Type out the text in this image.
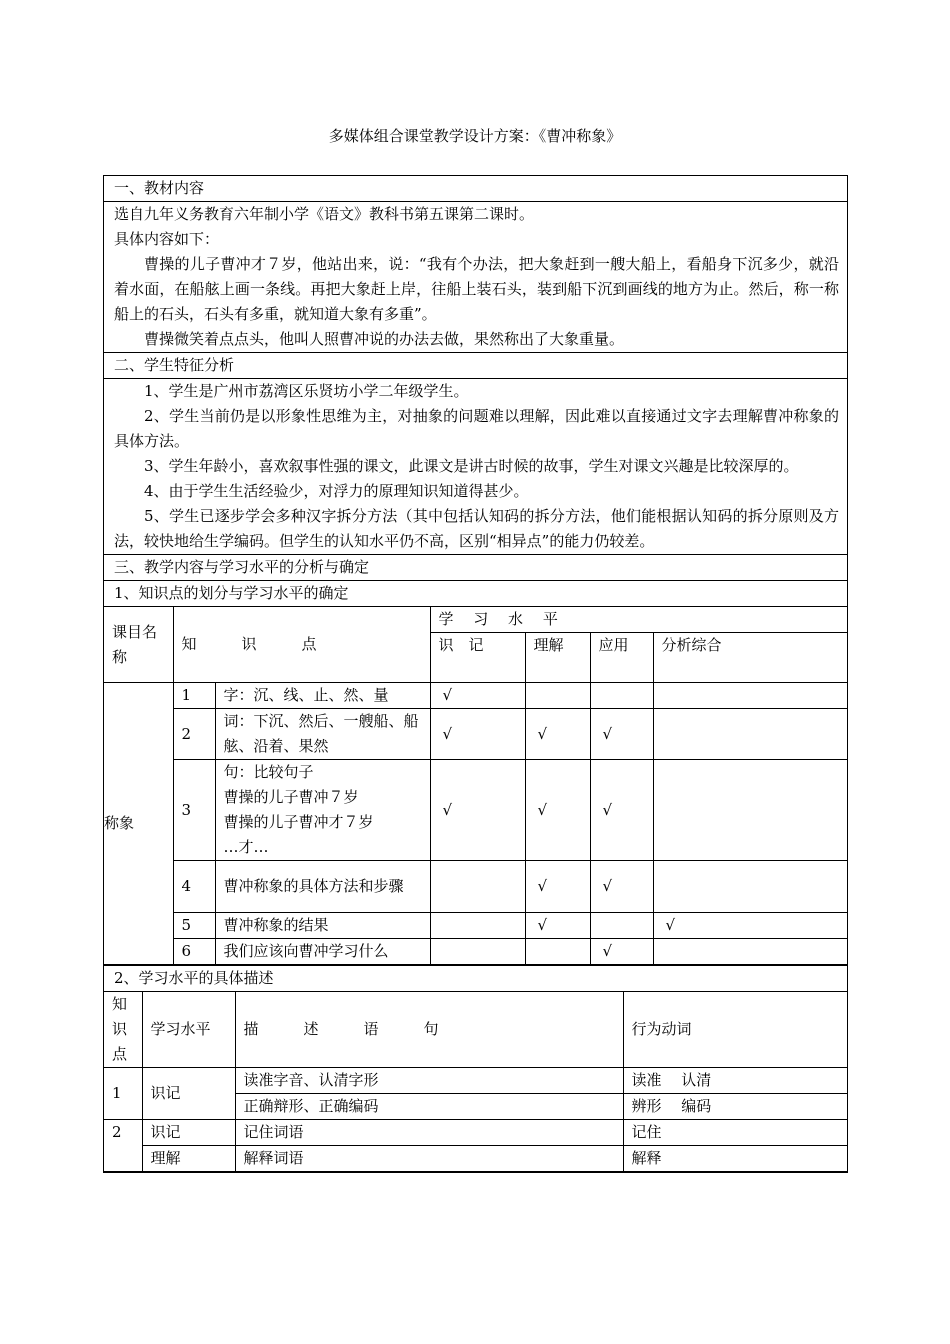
多媒体组合课堂教学设计方案：《曹冲称象》
一、教材内容

选自九年义务教育六年制小学《语文》教科书第五课第二课时。

具体内容如下：

曹操的儿子曹冲才７岁，他站出来，说：“我有个办法，把大象赶到一艘大船上，看船身下沉多少，就沿着水面，在船舷上画一条线。再把大象赶上岸，往船上装石头，装到船下沉到画线的地方为止。然后，称一称船上的石头，石头有多重，就知道大象有多重”。

曹操微笑着点点头，他叫人照曹冲说的办法去做，果然称出了大象重量。

二、学生特征分析

1、学生是广州市荔湾区乐贤坊小学二年级学生。

2、学生当前仍是以形象性思维为主，对抽象的问题难以理解，因此难以直接通过文字去理解曹冲称象的具体方法。

3、学生年龄小，喜欢叙事性强的课文，此课文是讲古时候的故事，学生对课文兴趣是比较深厚的。

4、由于学生生活经验少，对浮力的原理知识知道得甚少。

5、学生已逐步学会多种汉字拆分方法（其中包括认知码的拆分方法，他们能根据认知码的拆分原则及方法，较快地给生学编码。但学生的认知水平仍不高，区别“相异点”的能力仍较差。

三、教学内容与学习水平的分析与确定
1、知识点的划分与学习水平的确定
课目名称	知　　　识　　　点		学　 习　 水　 平			
			识　记	理解	应用	分析综合
称象	1	字：沉、线、止、然、量	√			
	2	词：下沉、然后、一艘船、船舷、沿着、果然	√	√	√	
	3	句：比较句子
曹操的儿子曹冲７岁
曹操的儿子曹冲才７岁
…才…	√	√	√	
	4	曹冲称象的具体方法和步骤		√	√	
	5	曹冲称象的结果		√		√
	6	我们应该向曹冲学习什么			√	
2、学习水平的具体描述
知识点	学习水平	描　　　述　　　语　　　句	行为动词
1	识记	读准字音、认清字形	读准　 认清
		正确辩形、正确编码	辨形　 编码
2	识记	记住词语	记住
	理解	解释词语	解释
